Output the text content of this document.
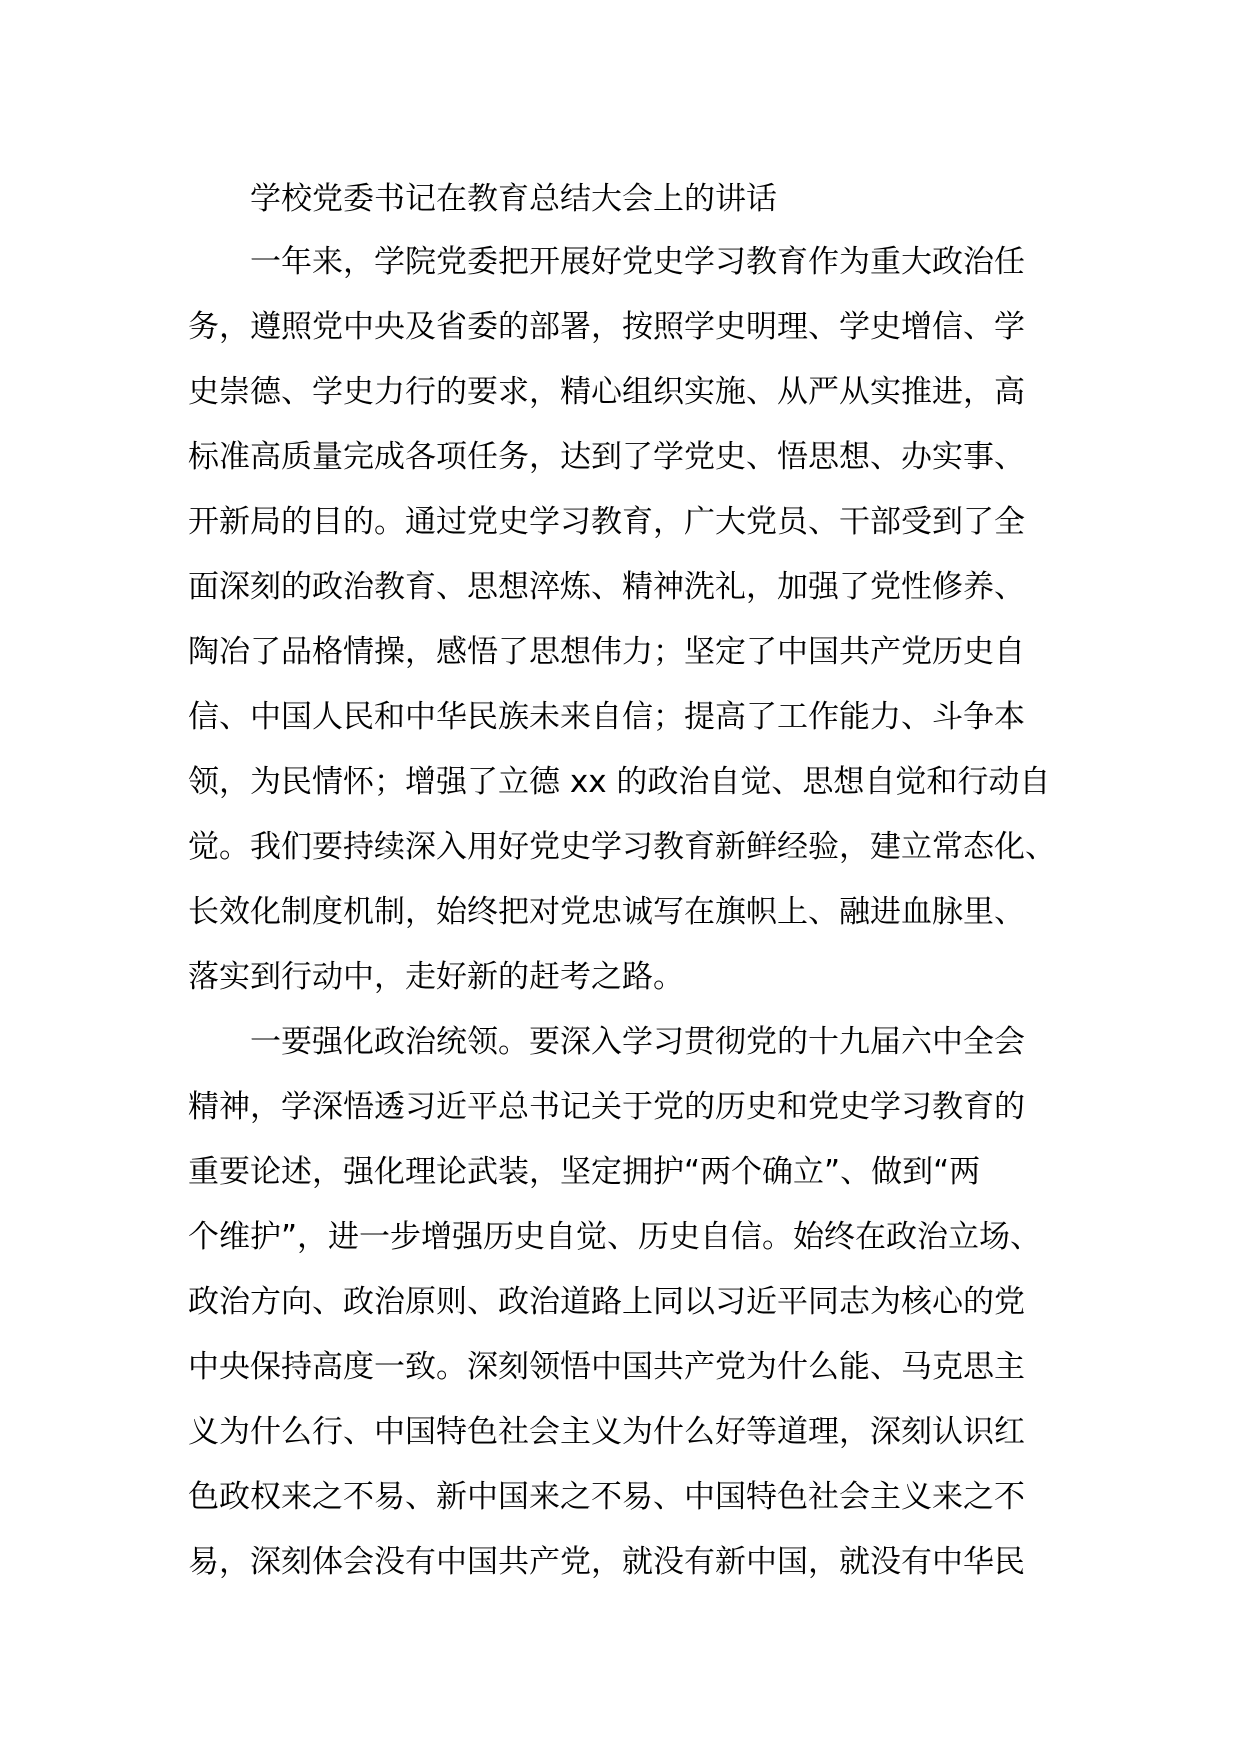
学校党委书记在教育总结大会上的讲话
一年来，学院党委把开展好党史学习教育作为重大政治任
务，遵照党中央及省委的部署，按照学史明理、学史增信、学
史崇德、学史力行的要求，精心组织实施、从严从实推进，高
标准高质量完成各项任务，达到了学党史、悟思想、办实事、
开新局的目的。通过党史学习教育，广大党员、干部受到了全
面深刻的政治教育、思想淬炼、精神洗礼，加强了党性修养、
陶冶了品格情操，感悟了思想伟力；坚定了中国共产党历史自
信、中国人民和中华民族未来自信；提高了工作能力、斗争本
领，为民情怀；增强了立德 xx 的政治自觉、思想自觉和行动自
觉。我们要持续深入用好党史学习教育新鲜经验，建立常态化、
长效化制度机制，始终把对党忠诚写在旗帜上、融进血脉里、
落实到行动中，走好新的赶考之路。
一要强化政治统领。要深入学习贯彻党的十九届六中全会
精神，学深悟透习近平总书记关于党的历史和党史学习教育的
重要论述，强化理论武装，坚定拥护“两个确立”、做到“两
个维护”，进一步增强历史自觉、历史自信。始终在政治立场、
政治方向、政治原则、政治道路上同以习近平同志为核心的党
中央保持高度一致。深刻领悟中国共产党为什么能、马克思主
义为什么行、中国特色社会主义为什么好等道理，深刻认识红
色政权来之不易、新中国来之不易、中国特色社会主义来之不
易，深刻体会没有中国共产党，就没有新中国，就没有中华民
